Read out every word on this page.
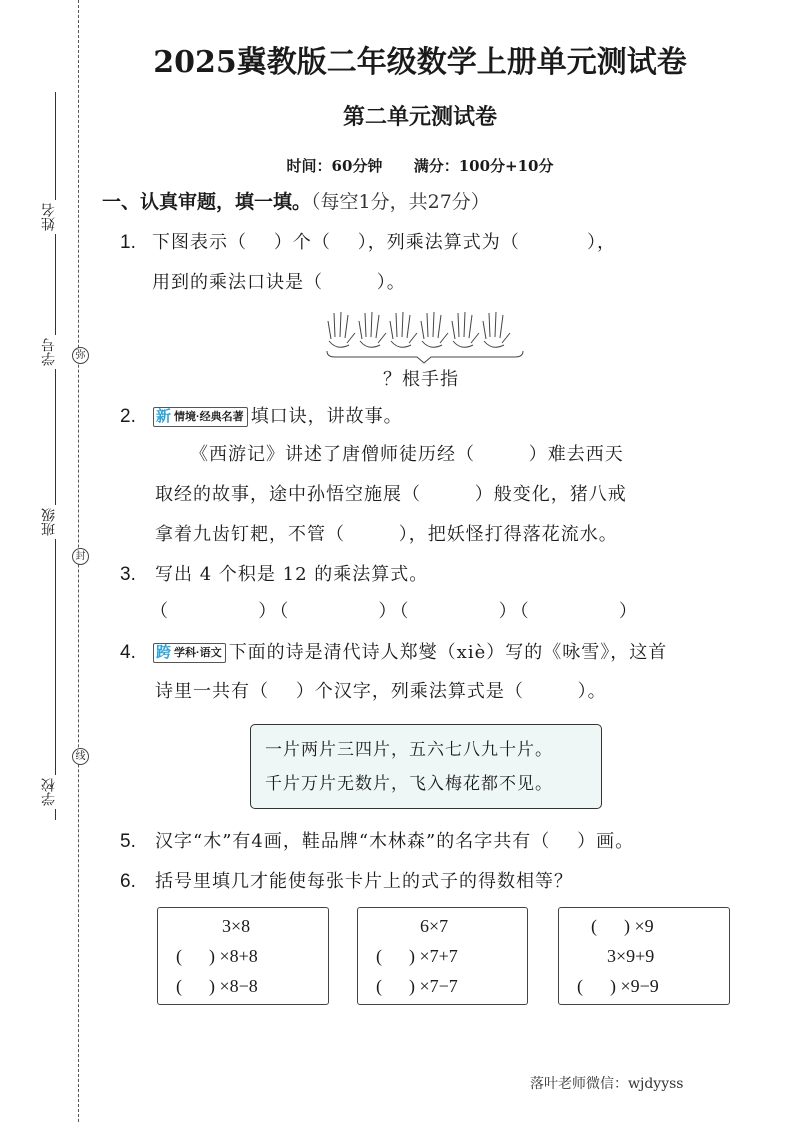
姓名
学号
班级
学校
弥
封
线
2025冀教版二年级数学上册单元测试卷
第二单元测试卷
时间：60分钟      满分：100分+10分
一、认真审题，填一填。（每空1分，共27分）
1. 下图表示（    ）个（    ），列乘法算式为（          ），
用到的乘法口诀是（        ）。
？根手指
2.	新 情境·经典名著 填口诀，讲故事。
《西游记》讲述了唐僧师徒历经（        ）难去西天
取经的故事，途中孙悟空施展（        ）般变化，猪八戒
拿着九齿钉耙，不管（        ），把妖怪打得落花流水。
3.	写出 4 个积是 12 的乘法算式。
（          ）（          ）（          ）（          ）
4.	跨 学科·语文 下面的诗是清代诗人郑燮（xiè）写的《咏雪》，这首
诗里一共有（    ）个汉字，列乘法算式是（        ）。
一片两片三四片，五六七八九十片。
千片万片无数片，飞入梅花都不见。
5.	汉字“木”有4画，鞋品牌“木林森”的名字共有（    ）画。
6.	括号里填几才能使每张卡片上的式子的得数相等？
3×8
(      ) ×8+8
(      ) ×8−8
6×7
(      ) ×7+7
(      ) ×7−7
(      ) ×9
3×9+9
(      ) ×9−9
落叶老师微信：wjdyyss
